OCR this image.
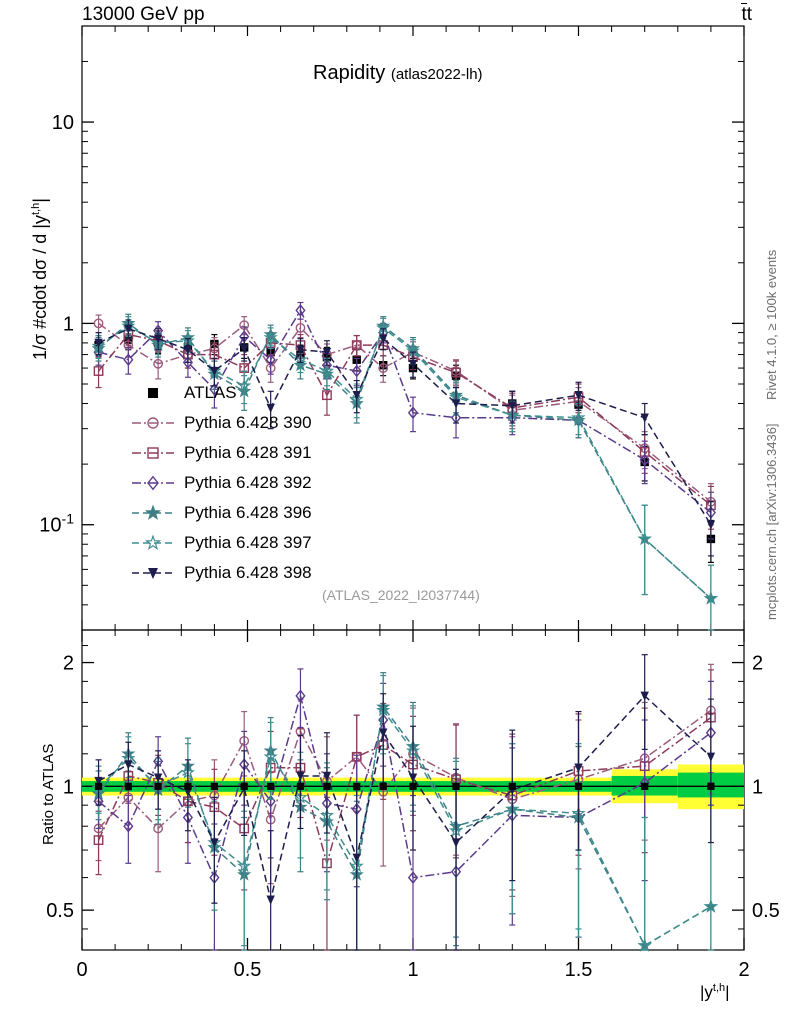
13000 GeV pp	tt
Rivet 4.1.0, ≥ 100k events
mcplots.cern.ch [arXiv:1306.3436]
10
1
$10^{-1}$
2	2
1	1
0.5	0.5
0	0.5	1	1.5	2
Rapidity (atlas2022-lh)
1/σ #cdot dσ / d $|y^{t,h}|$
Ratio to ATLAS
$|y^{t,h}|$
(ATLAS_2022_I2037744)
ATLAS
Pythia 6.428 390
Pythia 6.428 391
Pythia 6.428 392
Pythia 6.428 396
Pythia 6.428 397
Pythia 6.428 398
